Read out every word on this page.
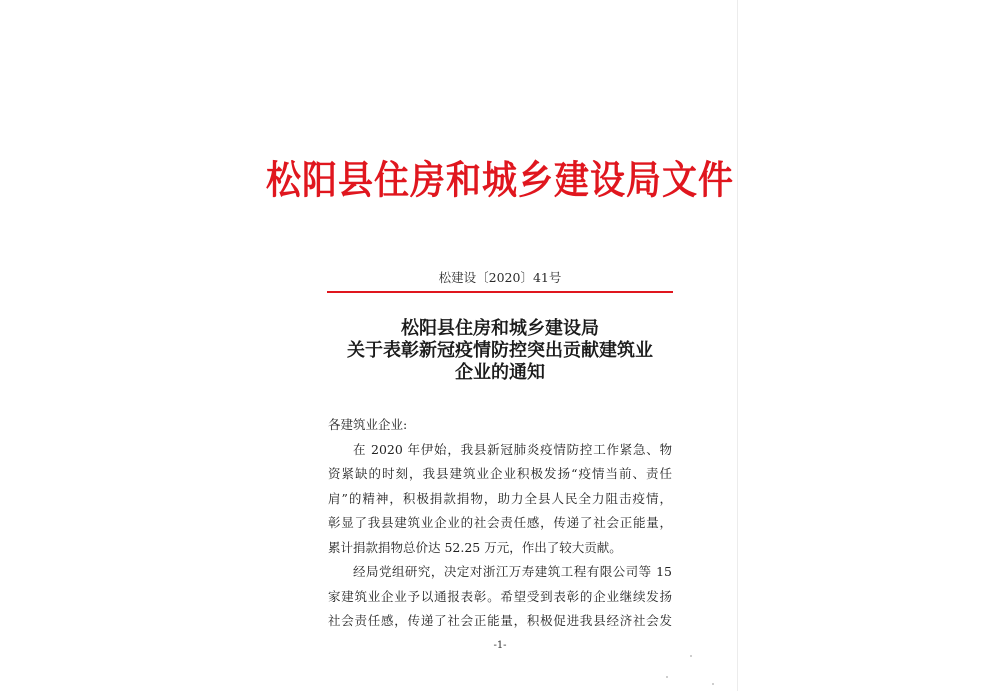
松阳县住房和城乡建设局文件
松建设〔2020〕41号
松阳县住房和城乡建设局
关于表彰新冠疫情防控突出贡献建筑业
企业的通知
各建筑业企业:
在 2020 年伊始，我县新冠肺炎疫情防控工作紧急、物
资紧缺的时刻，我县建筑业企业积极发扬“疫情当前、责任
肩”的精神，积极捐款捐物，助力全县人民全力阻击疫情，
彰显了我县建筑业企业的社会责任感，传递了社会正能量，
累计捐款捐物总价达 52.25 万元，作出了较大贡献。
经局党组研究，决定对浙江万寿建筑工程有限公司等 15
家建筑业企业予以通报表彰。希望受到表彰的企业继续发扬
社会责任感，传递了社会正能量，积极促进我县经济社会发
-1-
